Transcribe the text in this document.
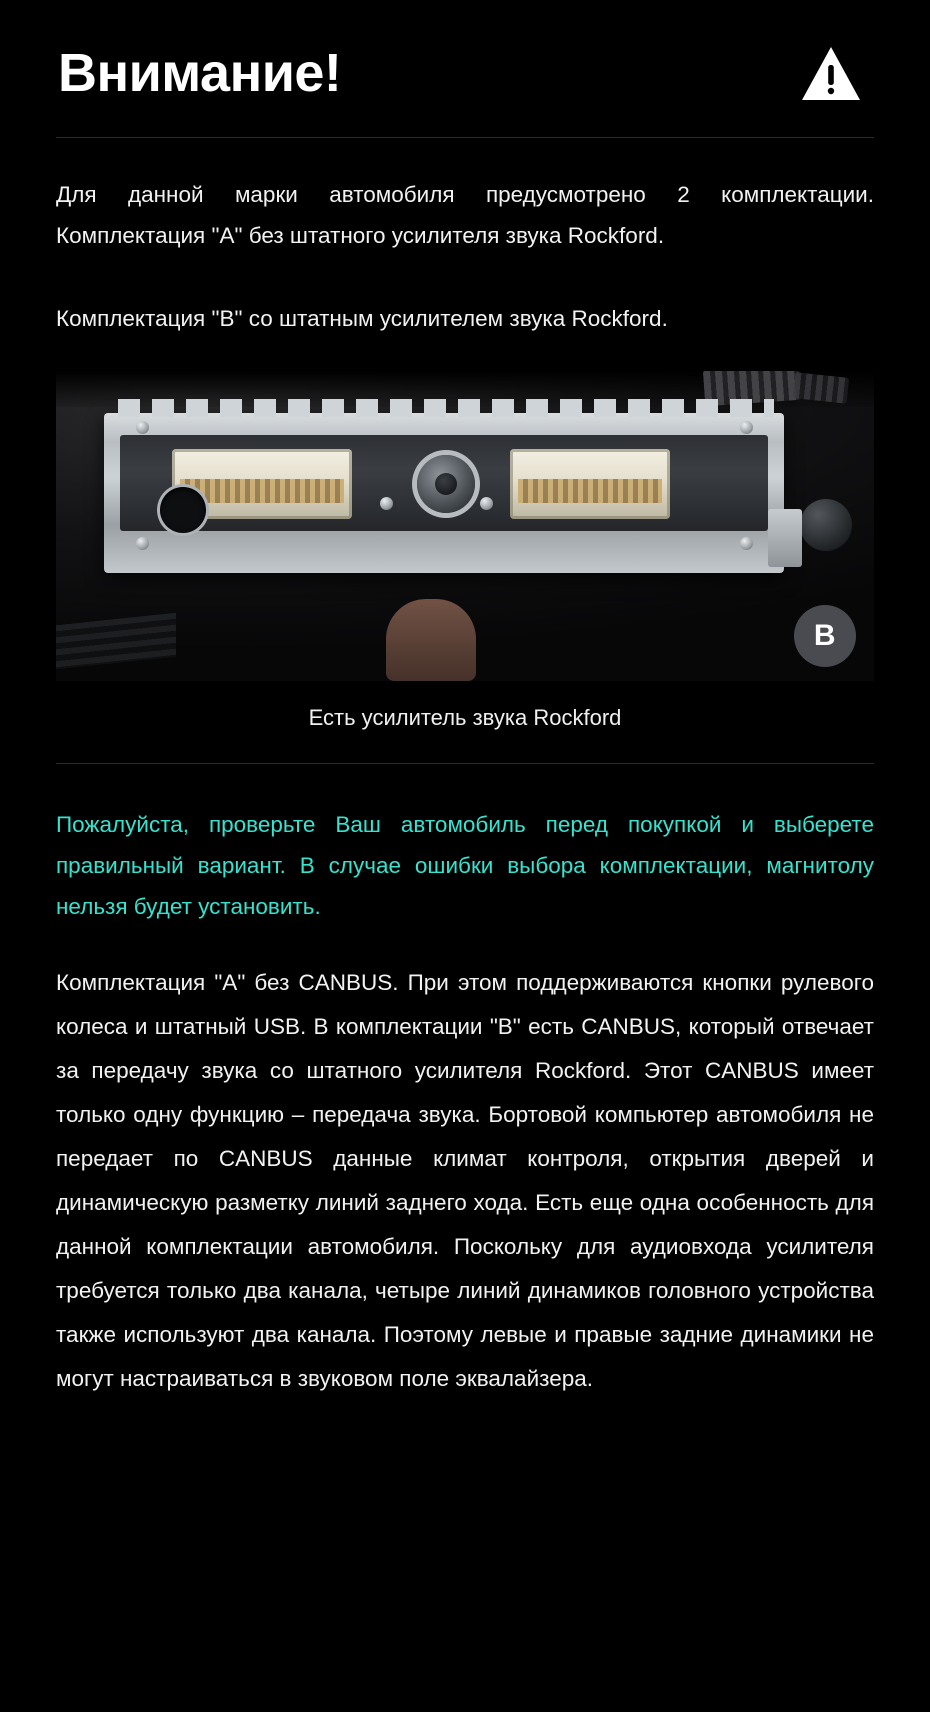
Внимание!

Для данной марки автомобиля предусмотрено 2 комплектации. Комплектация "A" без штатного усилителя звука Rockford.

Комплектация "B" со штатным усилителем звука Rockford.

B
Есть усилитель звука Rockford
Пожалуйста, проверьте Ваш автомобиль перед покупкой и выберете правильный вариант. В случае ошибки выбора комплектации, магнитолу нельзя будет установить.

Комплектация "A" без CANBUS. При этом поддерживаются кнопки рулевого колеса и штатный USB. В комплектации "B" есть CANBUS, который отвечает за передачу звука со штатного усилителя Rockford. Этот CANBUS имеет только одну функцию – передача звука. Бортовой компьютер автомобиля не передает по CANBUS данные климат контроля, открытия дверей и динамическую разметку линий заднего хода. Есть еще одна особенность для данной комплектации автомобиля. Поскольку для аудиовхода усилителя требуется только два канала, четыре линий динамиков головного устройства также используют два канала. Поэтому левые и правые задние динамики не могут настраиваться в звуковом поле эквалайзера.
